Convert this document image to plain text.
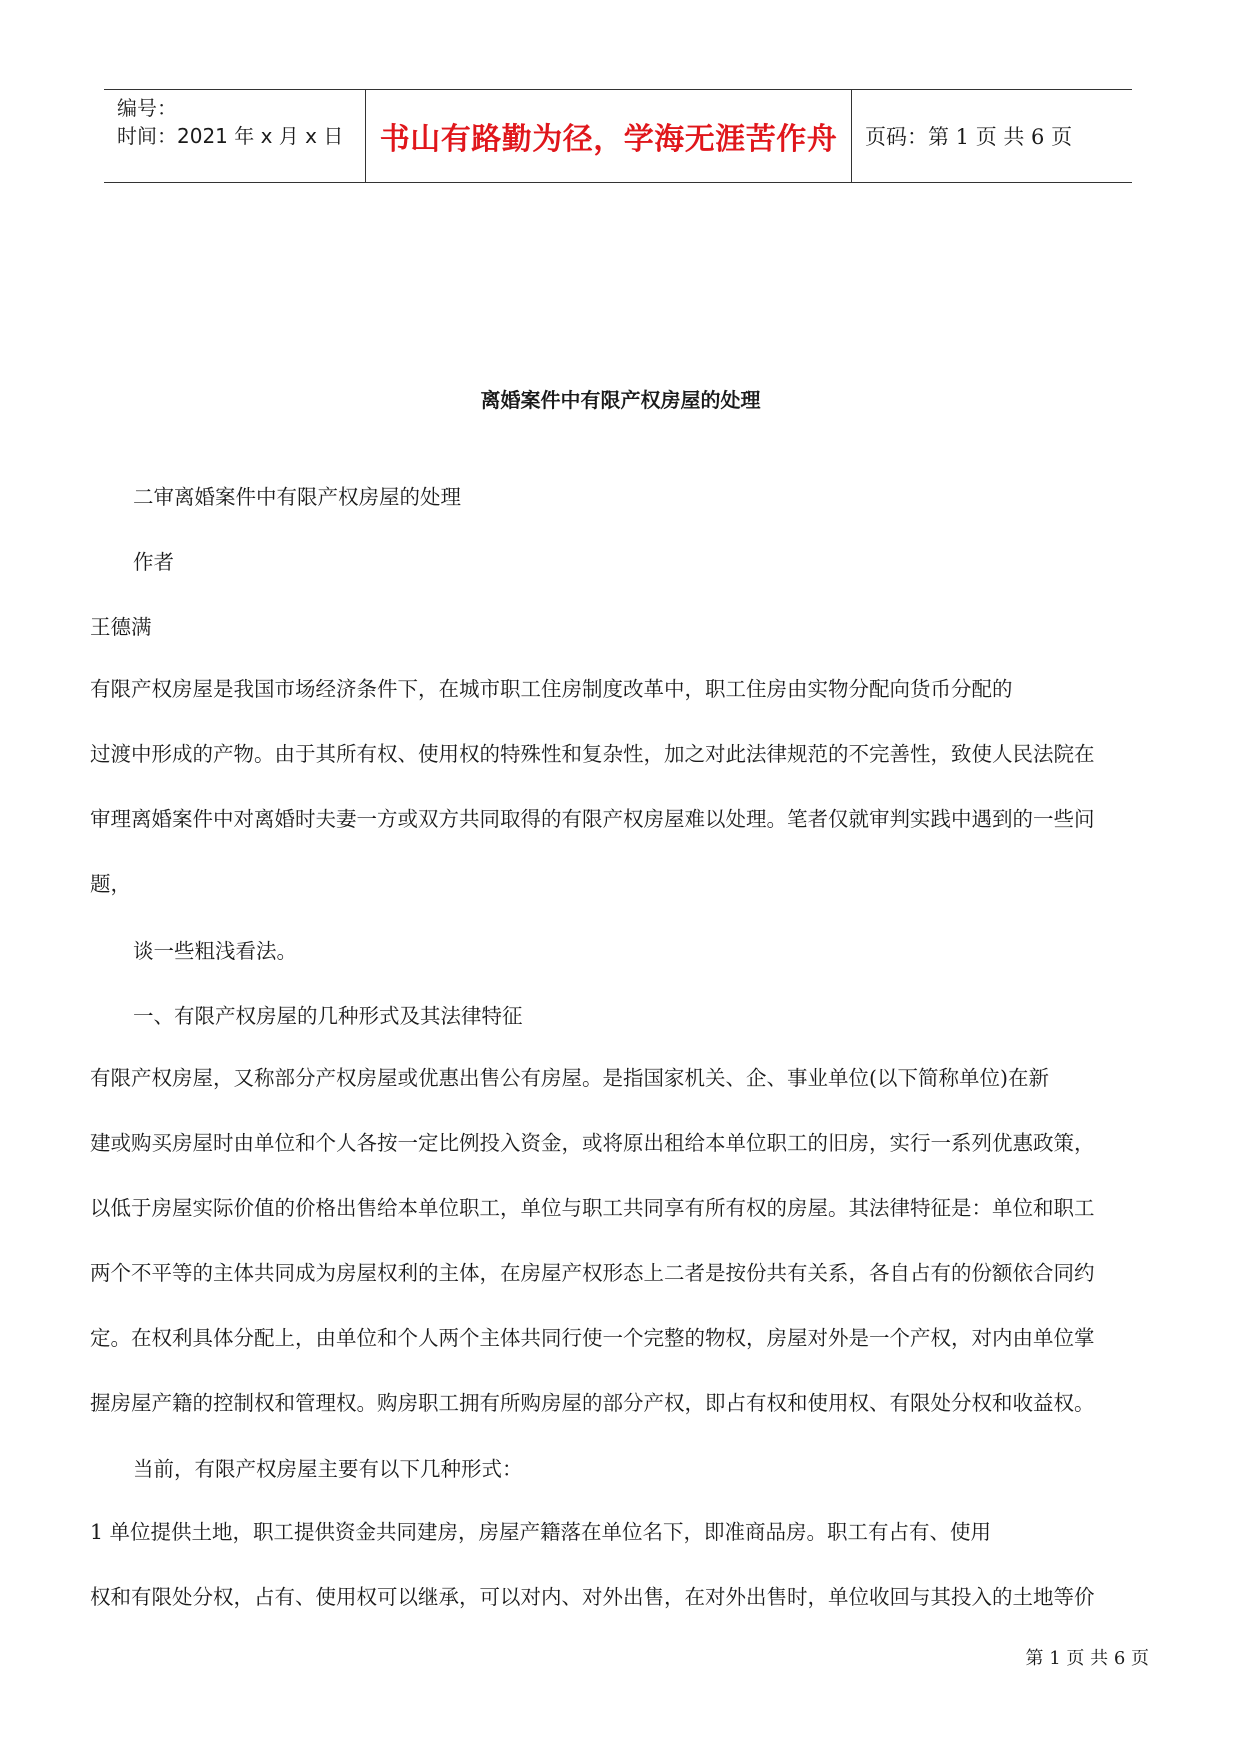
编号：
时间：2021 年 x 月 x 日	书山有路勤为径，学海无涯苦作舟 页码：第 1 页 共 6 页
离婚案件中有限产权房屋的处理

二审离婚案件中有限产权房屋的处理

作者

王德满

有限产权房屋是我国市场经济条件下，在城市职工住房制度改革中，职工住房由实物分配向货币分配的
过渡中形成的产物。由于其所有权、使用权的特殊性和复杂性，加之对此法律规范的不完善性，致使人民法院在
审理离婚案件中对离婚时夫妻一方或双方共同取得的有限产权房屋难以处理。笔者仅就审判实践中遇到的一些问
题，

谈一些粗浅看法。

一、有限产权房屋的几种形式及其法律特征

有限产权房屋，又称部分产权房屋或优惠出售公有房屋。是指国家机关、企、事业单位(以下简称单位)在新
建或购买房屋时由单位和个人各按一定比例投入资金，或将原出租给本单位职工的旧房，实行一系列优惠政策，
以低于房屋实际价值的价格出售给本单位职工，单位与职工共同享有所有权的房屋。其法律特征是：单位和职工
两个不平等的主体共同成为房屋权利的主体，在房屋产权形态上二者是按份共有关系，各自占有的份额依合同约
定。在权利具体分配上，由单位和个人两个主体共同行使一个完整的物权，房屋对外是一个产权，对内由单位掌
握房屋产籍的控制权和管理权。购房职工拥有所购房屋的部分产权，即占有权和使用权、有限处分权和收益权。

当前，有限产权房屋主要有以下几种形式：

1 单位提供土地，职工提供资金共同建房，房屋产籍落在单位名下，即准商品房。职工有占有、使用
权和有限处分权，占有、使用权可以继承，可以对内、对外出售，在对外出售时，单位收回与其投入的土地等价
第 1 页 共 6 页
